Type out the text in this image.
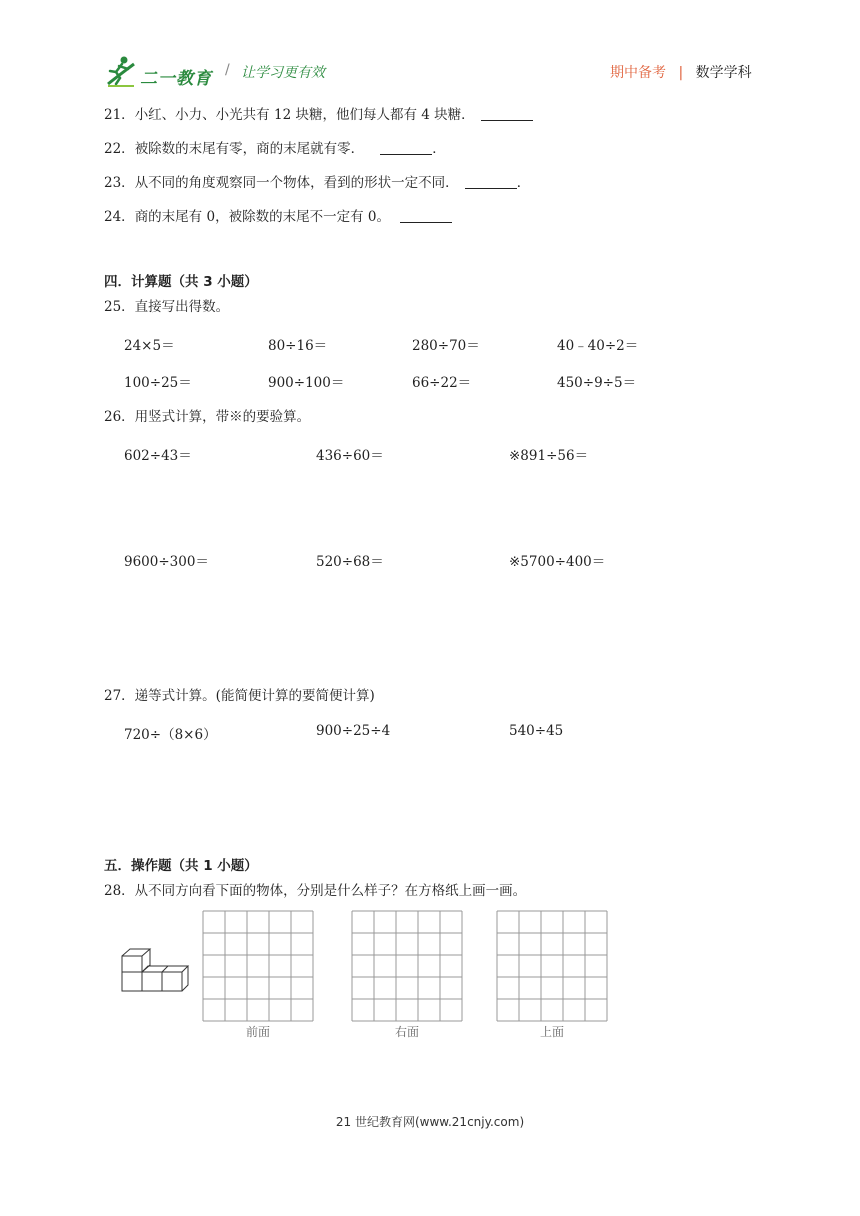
二一教育 / 让学习更有效	期中备考 | 数学学科
21．小红、小力、小光共有 12 块糖，他们每人都有 4 块糖．
22．被除数的末尾有零，商的末尾就有零．	．
23．从不同的角度观察同一个物体，看到的形状一定不同．	．
24．商的末尾有 0，被除数的末尾不一定有 0。
四．计算题（共 3 小题）
25．直接写出得数。
24×5＝	80÷16＝	280÷70＝	40﹣40÷2＝
100÷25＝	900÷100＝	66÷22＝	450÷9÷5＝
26．用竖式计算，带※的要验算。
602÷43＝	436÷60＝	※891÷56＝
9600÷300＝	520÷68＝	※5700÷400＝
27．递等式计算。(能简便计算的要简便计算)
720÷（8×6）	900÷25÷4	540÷45
五．操作题（共 1 小题）
28．从不同方向看下面的物体，分别是什么样子？在方格纸上画一画。
前面	右面	上面
21 世纪教育网(www.21cnjy.com)
